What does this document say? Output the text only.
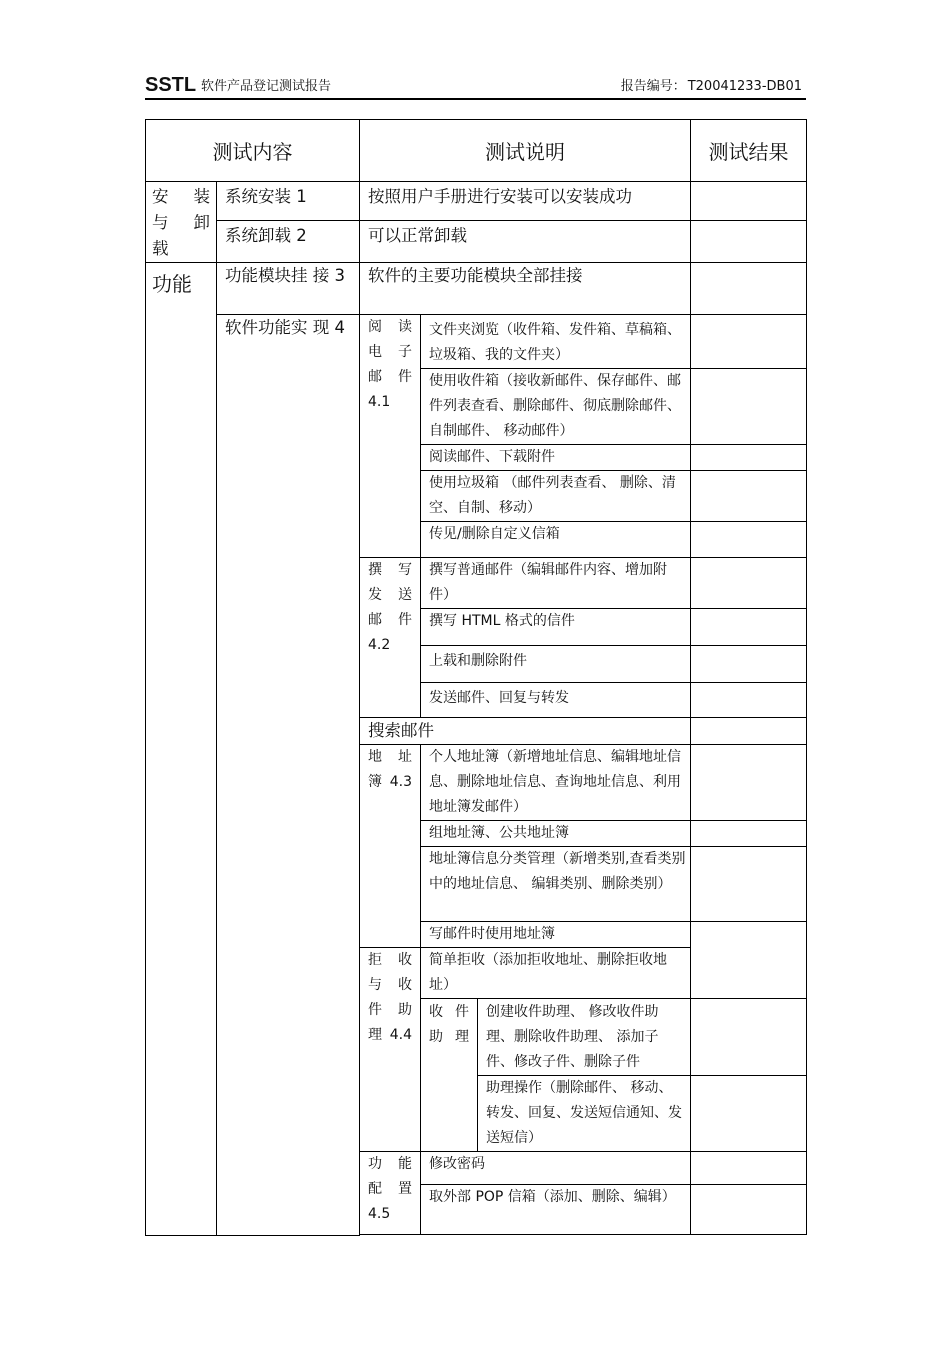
SSTL 软件产品登记测试报告	报告编号： T20041233-DB01
测试内容		测试说明			测试结果
安 装 与 卸 载	系统安装 1	按照用户手册进行安装可以安装成功			
	系统卸载 2	可以正常卸载			
功能	功能模块挂 接 3	软件的主要功能模块全部挂接			
	软件功能实 现 4	阅 读 电 子 邮件 4.1	文件夹浏览（收件箱、发件箱、草稿箱、垃圾箱、我的文件夹）		
			使用收件箱（接收新邮件、保存邮件、邮件列表查看、删除邮件、彻底删除邮件、 自制邮件、 移动邮件）		
			阅读邮件、下载附件		
			使用垃圾箱 （邮件列表查看、 删除、清空、自制、移动）		
			传见/删除自定义信箱		
		撰 写 发 送 邮件 4.2	撰写普通邮件（编辑邮件内容、增加附件）		
			撰写 HTML 格式的信件		
			上载和删除附件		
			发送邮件、回复与转发		
		搜索邮件			
		地 址 簿 4.3	个人地址簿（新增地址信息、编辑地址信息、删除地址信息、查询地址信息、利用地址簿发邮件）		
			组地址簿、公共地址簿		
			地址簿信息分类管理（新增类别,查看类别中的地址信息、 编辑类别、删除类别）		
			写邮件时使用地址簿		
		拒 收 与 收 件 助 理 4.4	简单拒收（添加拒收地址、删除拒收地址）		
			收 件 助理	创建收件助理、 修改收件助理、删除收件助理、 添加子件、修改子件、删除子件	
				助理操作（删除邮件、 移动、转发、回复、发送短信通知、发送短信）	
		功 能 配置 4.5	修改密码		
			取外部 POP 信箱（添加、删除、编辑）		
